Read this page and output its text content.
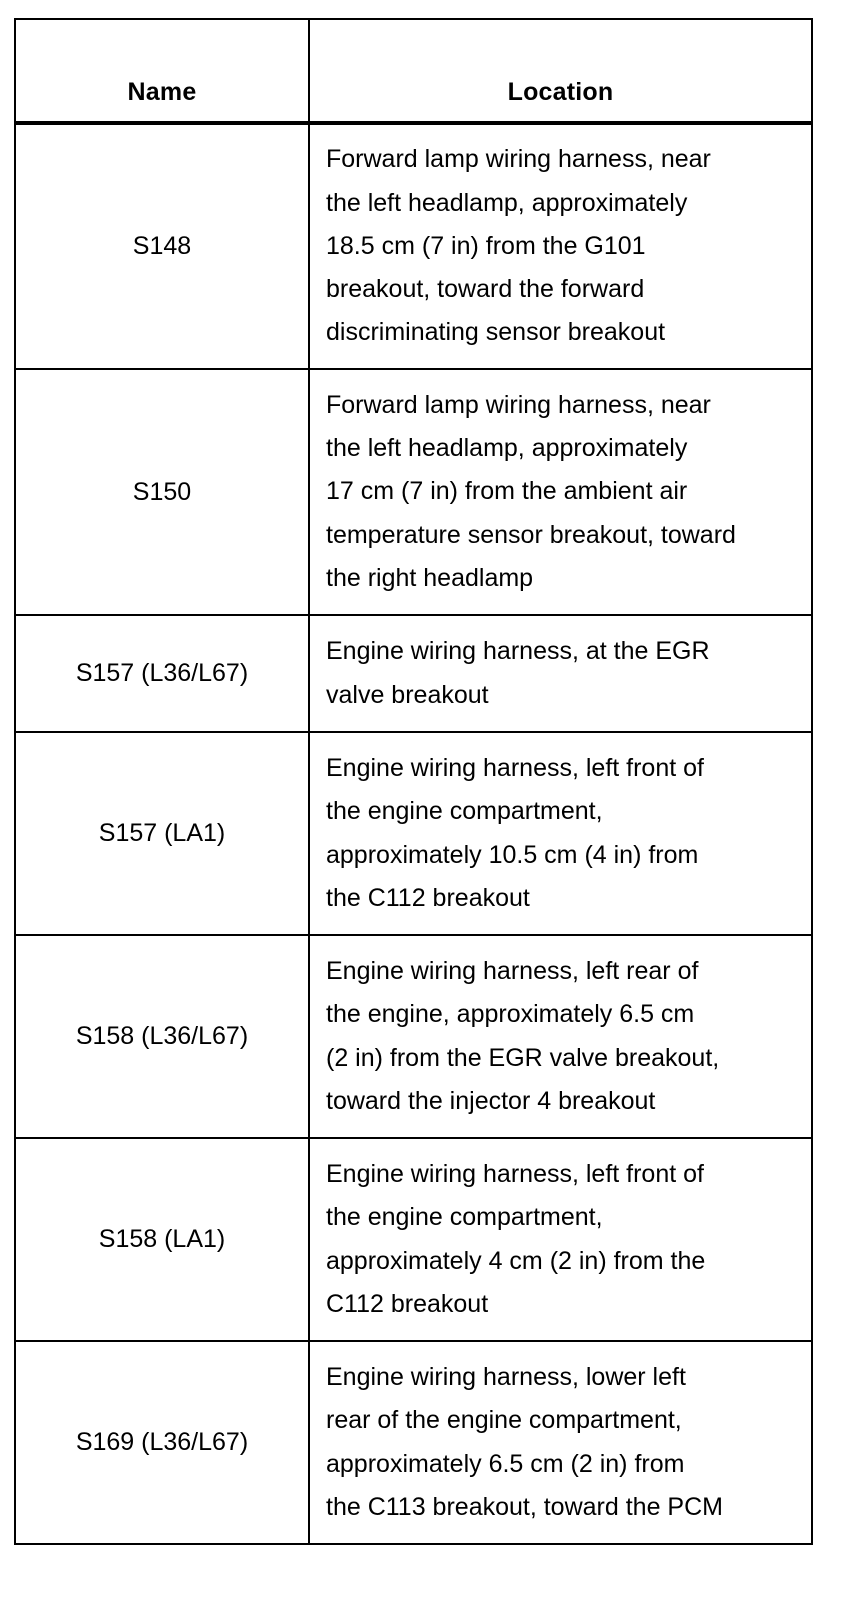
Name	Location
S148	Forward lamp wiring harness, near
the left headlamp, approximately
18.5 cm (7 in) from the G101
breakout, toward the forward
discriminating sensor breakout

S150	Forward lamp wiring harness, near
the left headlamp, approximately
17 cm (7 in) from the ambient air
temperature sensor breakout, toward
the right headlamp

S157 (L36/L67)	Engine wiring harness, at the EGR
valve breakout

S157 (LA1)	Engine wiring harness, left front of
the engine compartment,
approximately 10.5 cm (4 in) from
the C112 breakout

S158 (L36/L67)	Engine wiring harness, left rear of
the engine, approximately 6.5 cm
(2 in) from the EGR valve breakout,
toward the injector 4 breakout

S158 (LA1)	Engine wiring harness, left front of
the engine compartment,
approximately 4 cm (2 in) from the
C112 breakout

S169 (L36/L67)	Engine wiring harness, lower left
rear of the engine compartment,
approximately 6.5 cm (2 in) from
the C113 breakout, toward the PCM
